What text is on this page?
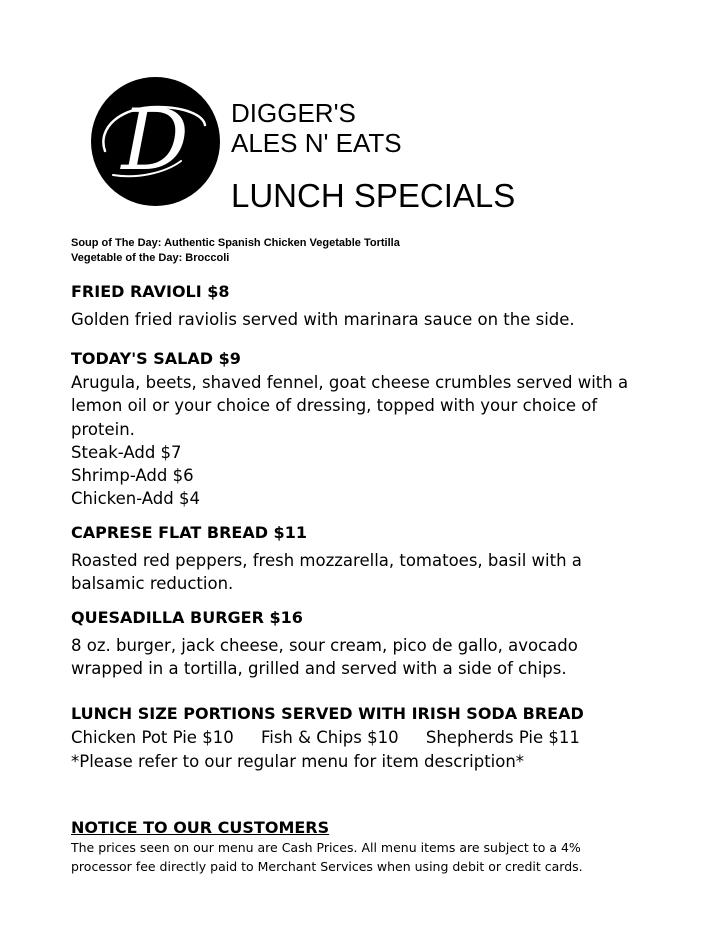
D DIGGER'S
ALES N' EATS
LUNCH SPECIALS
Soup of The Day: Authentic Spanish Chicken Vegetable Tortilla
Vegetable of the Day: Broccoli
FRIED RAVIOLI $8
Golden fried raviolis served with marinara sauce on the side.
TODAY'S SALAD $9
Arugula, beets, shaved fennel, goat cheese crumbles served with a lemon oil or your choice of dressing, topped with your choice of protein.
Steak-Add $7
Shrimp-Add $6
Chicken-Add $4
CAPRESE FLAT BREAD $11
Roasted red peppers, fresh mozzarella, tomatoes, basil with a balsamic reduction.
QUESADILLA BURGER $16
8 oz. burger, jack cheese, sour cream, pico de gallo, avocado wrapped in a tortilla, grilled and served with a side of chips.
LUNCH SIZE PORTIONS SERVED WITH IRISH SODA BREAD
Chicken Pot Pie $10 Fish & Chips $10 Shepherds Pie $11
*Please refer to our regular menu for item description*
NOTICE TO OUR CUSTOMERS
The prices seen on our menu are Cash Prices. All menu items are subject to a 4% processor fee directly paid to Merchant Services when using debit or credit cards.
